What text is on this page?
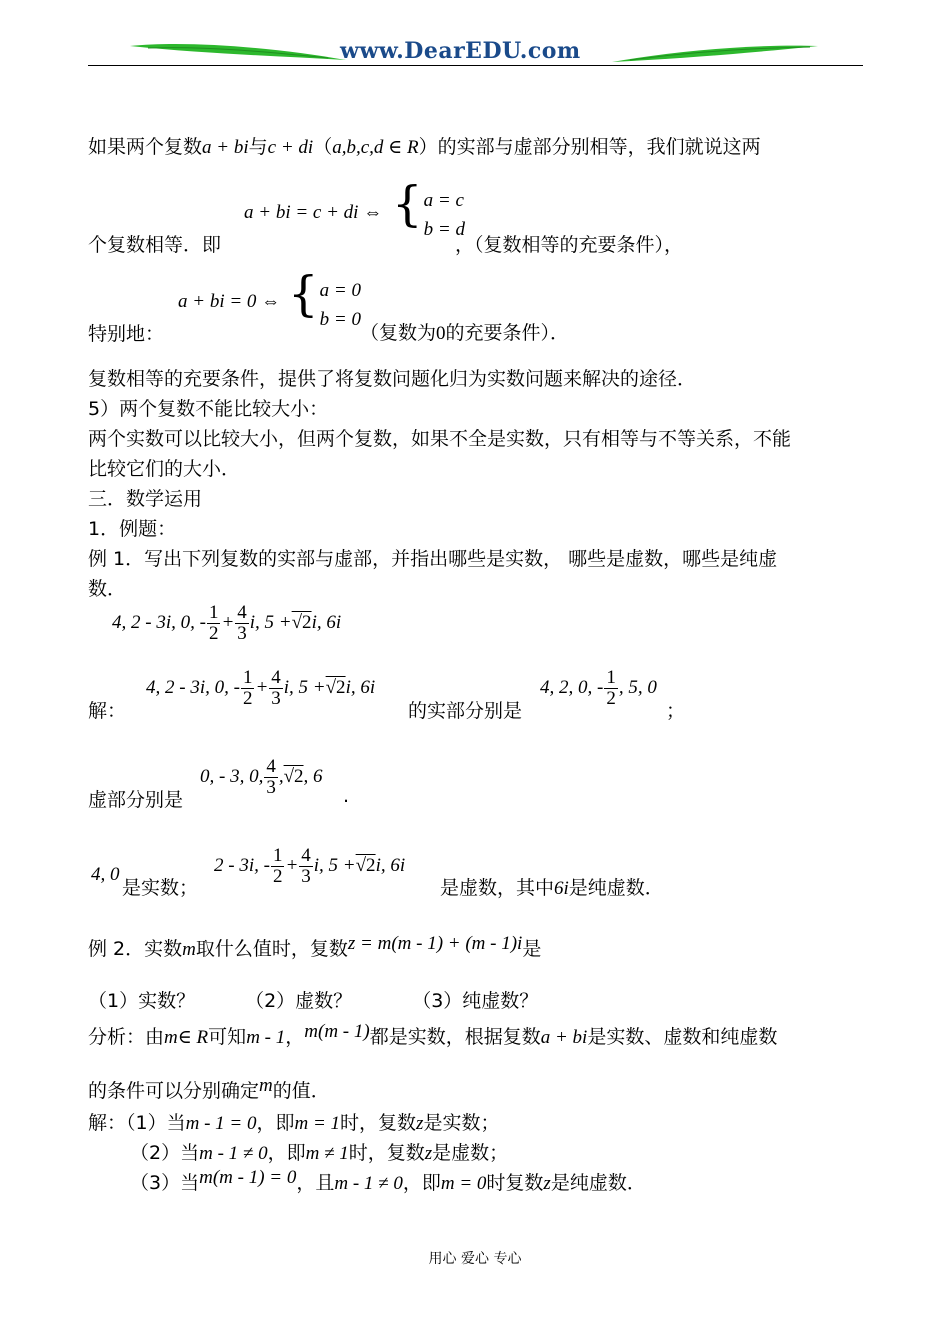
www.DearEDU.com
如果两个复数a + bi与c + di（a,b,c,d ∈ R）的实部与虚部分别相等，我们就说这两
个复数相等．即
a + bi = c + di ⇔ { a = c
b = d
，（复数相等的充要条件），
特别地：
a + bi = 0 ⇔ { a = 0
b = 0
（复数为0的充要条件）．
复数相等的充要条件，提供了将复数问题化归为实数问题来解决的途径．
5）两个复数不能比较大小：
两个实数可以比较大小，但两个复数，如果不全是实数，只有相等与不等关系，不能
比较它们的大小．
三．数学运用
1．例题：
例 1．写出下列复数的实部与虚部，并指出哪些是实数， 哪些是虚数，哪些是纯虚
数．
4, 2 - 3i, 0, - $\frac{1}{2} + \frac{4}{3} i$, 5 +√2i, 6i
解：
4, 2 - 3i, 0, - $\frac{1}{2} + \frac{4}{3} i$, 5 +√2i, 6i
的实部分别是
4, 2, 0, - $\frac{1}{2}$ , 5, 0
；
虚部分别是
0, - 3, 0, $\frac{4}{3} ,√2$, 6
.
4, 0
是实数；
2 - 3i, - $\frac{1}{2} + \frac{4}{3} i$, 5 +√2i, 6i
是虚数，其中6i是纯虚数．
例 2．实数m取什么值时，复数z = m(m - 1) + (m - 1)i是
（1）实数？	（2）虚数？	（3）纯虚数？
分析：由m∈ R可知m - 1，m(m - 1)都是实数，根据复数a + bi是实数、虚数和纯虚数
的条件可以分别确定m的值．
解：（1）当m - 1 = 0，即m = 1时，复数z是实数；
（2）当m - 1 ≠ 0，即m ≠ 1时，复数z是虚数；
（3）当m(m - 1) = 0，且m - 1 ≠ 0，即m = 0时复数z是纯虚数．
用心 爱心 专心
